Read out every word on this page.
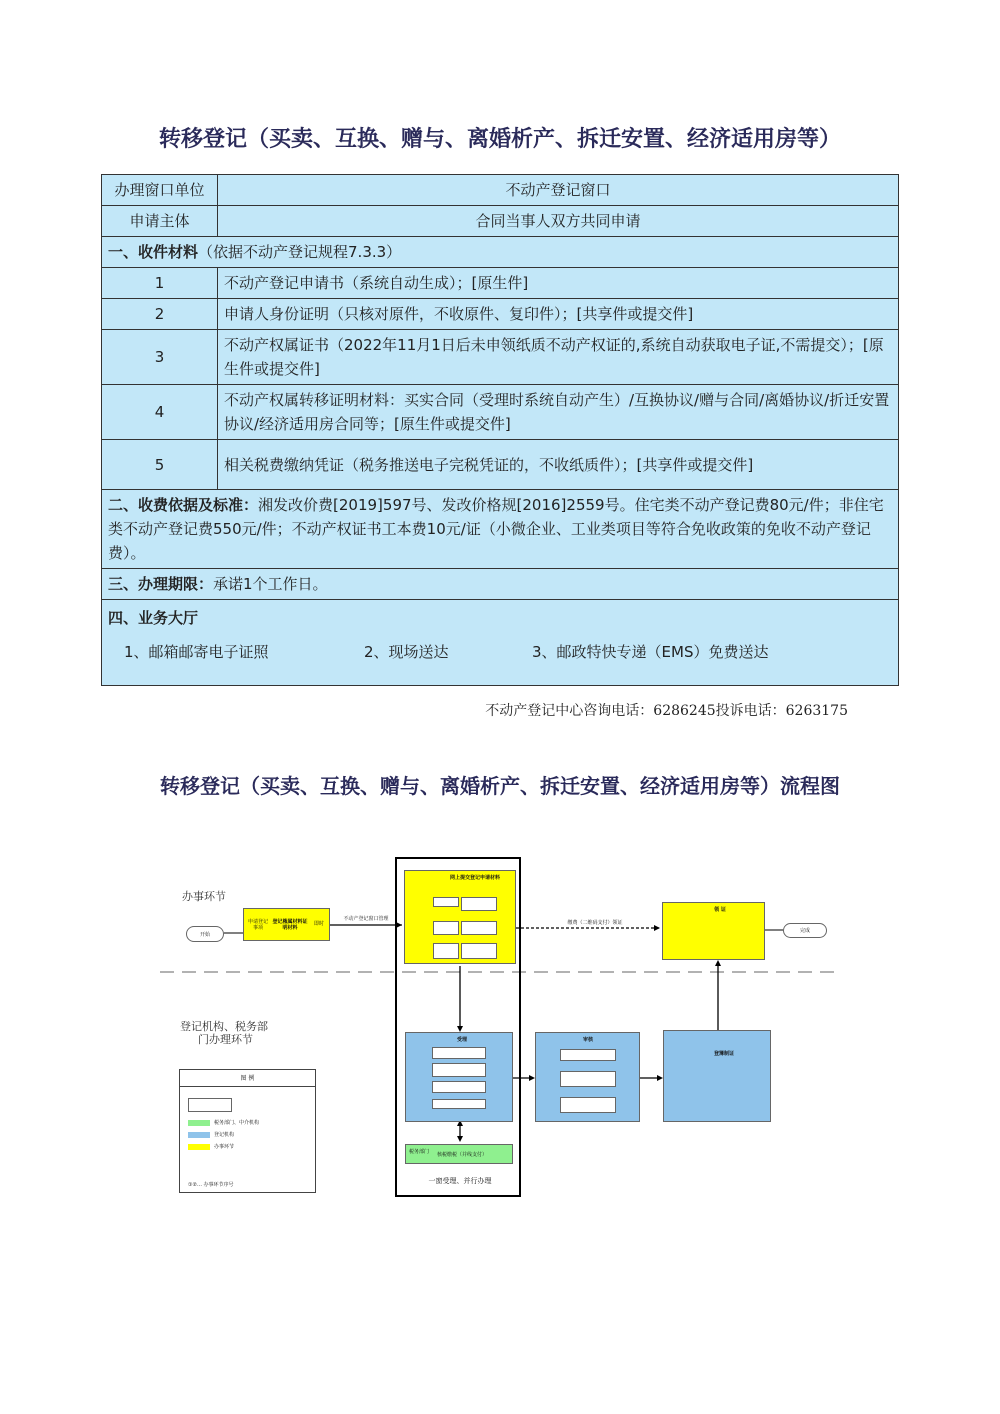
转移登记（买卖、互换、赠与、离婚析产、拆迁安置、经济适用房等）
办理窗口单位	不动产登记窗口
申请主体	合同当事人双方共同申请
一、收件材料（依据不动产登记规程7.3.3）	
1	不动产登记申请书（系统自动生成）；[原生件]
2	申请人身份证明（只核对原件，不收原件、复印件）；[共享件或提交件]
3	不动产权属证书（2022年11月1日后未申领纸质不动产权证的,系统自动获取电子证,不需提交）；[原生件或提交件]
4	不动产权属转移证明材料：买实合同（受理时系统自动产生）/互换协议/赠与合同/离婚协议/折迁安置协议/经济适用房合同等；[原生件或提交件]
5	相关税费缴纳凭证（税务推送电子完税凭证的，不收纸质件）；[共享件或提交件]
二、收费依据及标准：湘发改价费[2019]597号、发改价格规[2016]2559号。住宅类不动产登记费80元/件；非住宅类不动产登记费550元/件；不动产权证书工本费10元/证（小微企业、工业类项目等符合免收政策的免收不动产登记费）。	
三、办理期限：承诺1个工作日。	

四、业务大厅
1、邮箱邮寄电子证照 2、现场送达 3、邮政特快专递（EMS）免费送达	
不动产登记中心咨询电话：6286245投诉电话：6263175
转移登记（买卖、互换、赠与、离婚析产、拆迁安置、经济适用房等）流程图
办事环节
登记机构、税务部
门办理环节
开始
申请登记事项
登记権属材料证明材料
即时
不动产登记窗口管理
网上提交登记申请材料
缴费（二维码支付）领证
领 证
完成
受理	审核
登簿制证
税务部门	核税缴税（并线支付）
一窗受理、并行办理
图 例
税务部门、中介机构
登记机构
办事环节
①②… 办事环节序号
